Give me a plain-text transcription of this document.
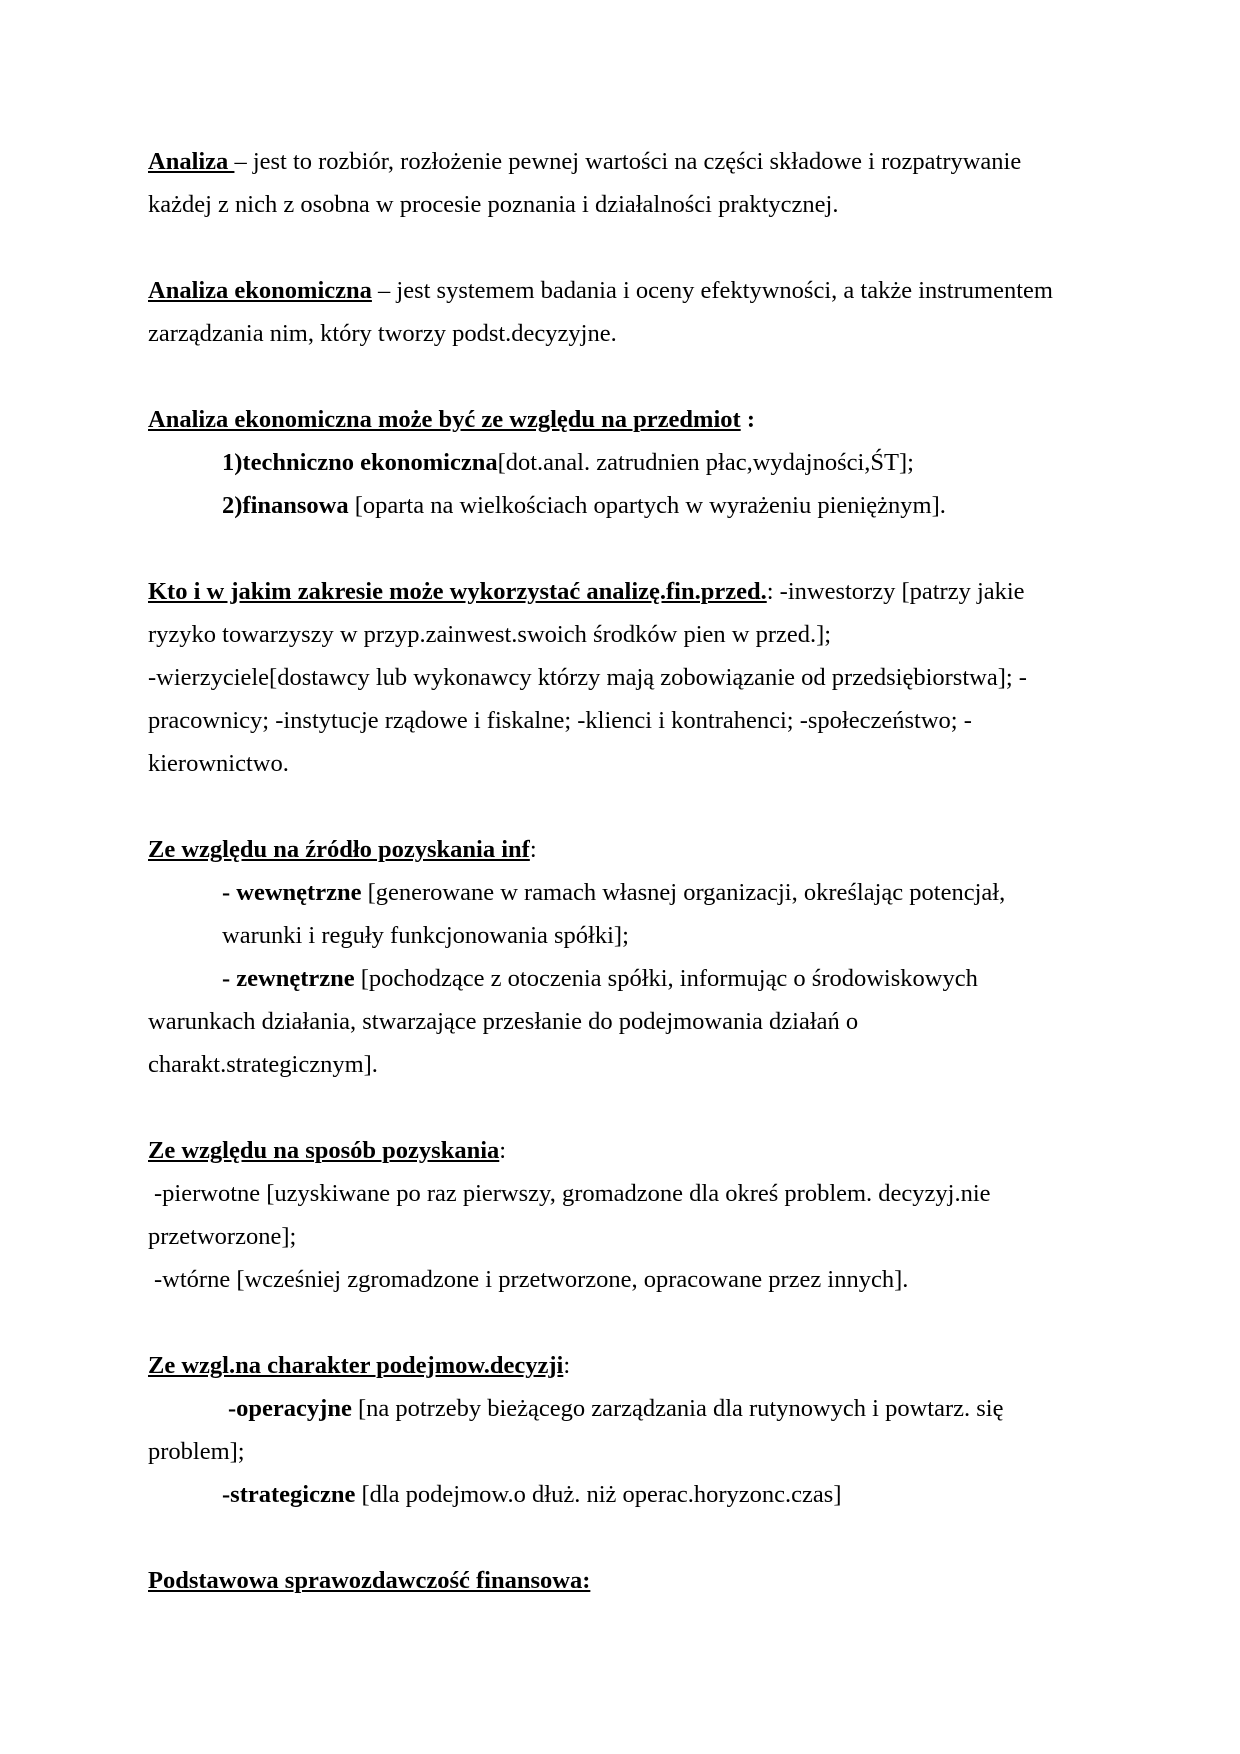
Analiza – jest to rozbiór, rozłożenie pewnej wartości na części składowe i rozpatrywanie

każdej z nich z osobna w procesie poznania i działalności praktycznej.

Analiza ekonomiczna – jest systemem badania i oceny efektywności, a także instrumentem

zarządzania nim, który tworzy podst.decyzyjne.

Analiza ekonomiczna może być ze względu na przedmiot :

1)techniczno ekonomiczna[dot.anal. zatrudnien płac,wydajności,ŚT];

2)finansowa [oparta na wielkościach opartych w wyrażeniu pieniężnym].

Kto i w jakim zakresie może wykorzystać analizę.fin.przed.: -inwestorzy [patrzy jakie

ryzyko towarzyszy w przyp.zainwest.swoich środków pien w przed.];

-wierzyciele[dostawcy lub wykonawcy którzy mają zobowiązanie od przedsiębiorstwa]; -

pracownicy; -instytucje rządowe i fiskalne; -klienci i kontrahenci; -społeczeństwo; -

kierownictwo.

Ze względu na źródło pozyskania inf:

- wewnętrzne [generowane w ramach własnej organizacji, określając potencjał,

warunki i reguły funkcjonowania spółki];

- zewnętrzne [pochodzące z otoczenia spółki, informując o środowiskowych

warunkach działania, stwarzające przesłanie do podejmowania działań o

charakt.strategicznym].

Ze względu na sposób pozyskania:

-pierwotne [uzyskiwane po raz pierwszy, gromadzone dla okreś problem. decyzyj.nie

przetworzone];

-wtórne [wcześniej zgromadzone i przetworzone, opracowane przez innych].

Ze wzgl.na charakter podejmow.decyzji:

-operacyjne [na potrzeby bieżącego zarządzania dla rutynowych i powtarz. się

problem];

-strategiczne [dla podejmow.o dłuż. niż operac.horyzonc.czas]

Podstawowa sprawozdawczość finansowa:
